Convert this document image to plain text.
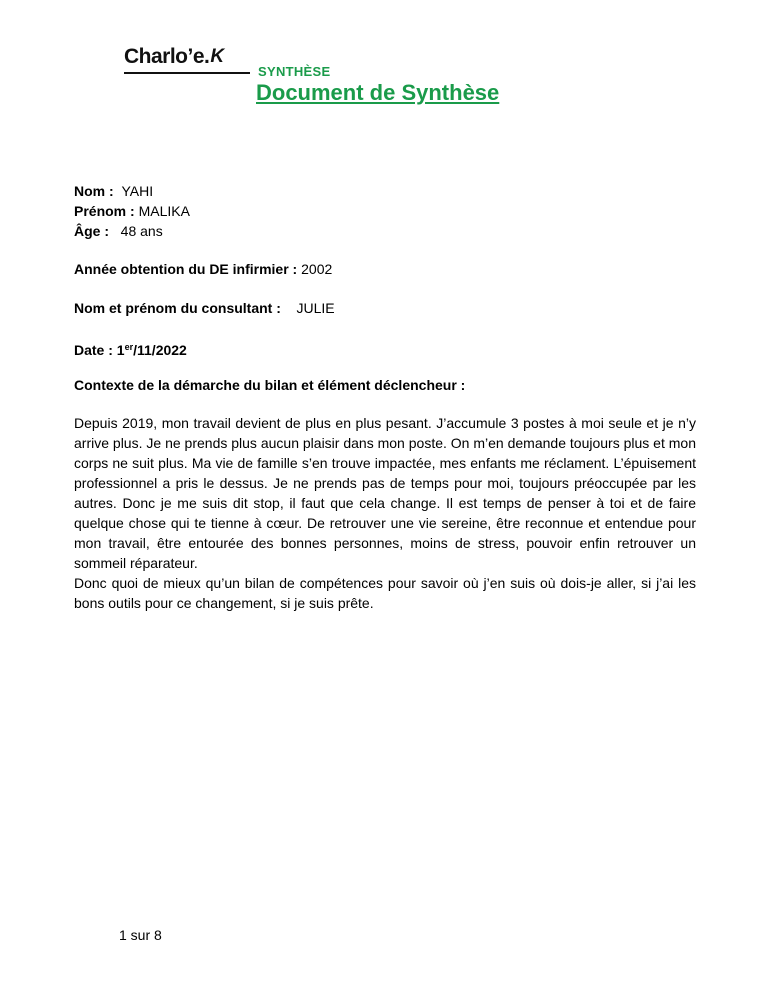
Charlo’e. K
SYNTHÈSE
Document de Synthèse
Nom : YAHI
Prénom : MALIKA
Âge : 48 ans
Année obtention du DE infirmier : 2002
Nom et prénom du consultant : JULIE
Date : 1er/11/2022
Contexte de la démarche du bilan et élément déclencheur :

Depuis 2019, mon travail devient de plus en plus pesant. J’accumule 3 postes à moi seule et je n’y arrive plus. Je ne prends plus aucun plaisir dans mon poste. On m’en demande toujours plus et mon corps ne suit plus. Ma vie de famille s’en trouve impactée, mes enfants me réclament. L’épuisement professionnel a pris le dessus. Je ne prends pas de temps pour moi, toujours préoccupée par les autres. Donc je me suis dit stop, il faut que cela change. Il est temps de penser à toi et de faire quelque chose qui te tienne à cœur. De retrouver une vie sereine, être reconnue et entendue pour mon travail, être entourée des bonnes personnes, moins de stress, pouvoir enfin retrouver un sommeil réparateur.

Donc quoi de mieux qu’un bilan de compétences pour savoir où j’en suis où dois-je aller, si j’ai les bons outils pour ce changement, si je suis prête.

1 sur 8
